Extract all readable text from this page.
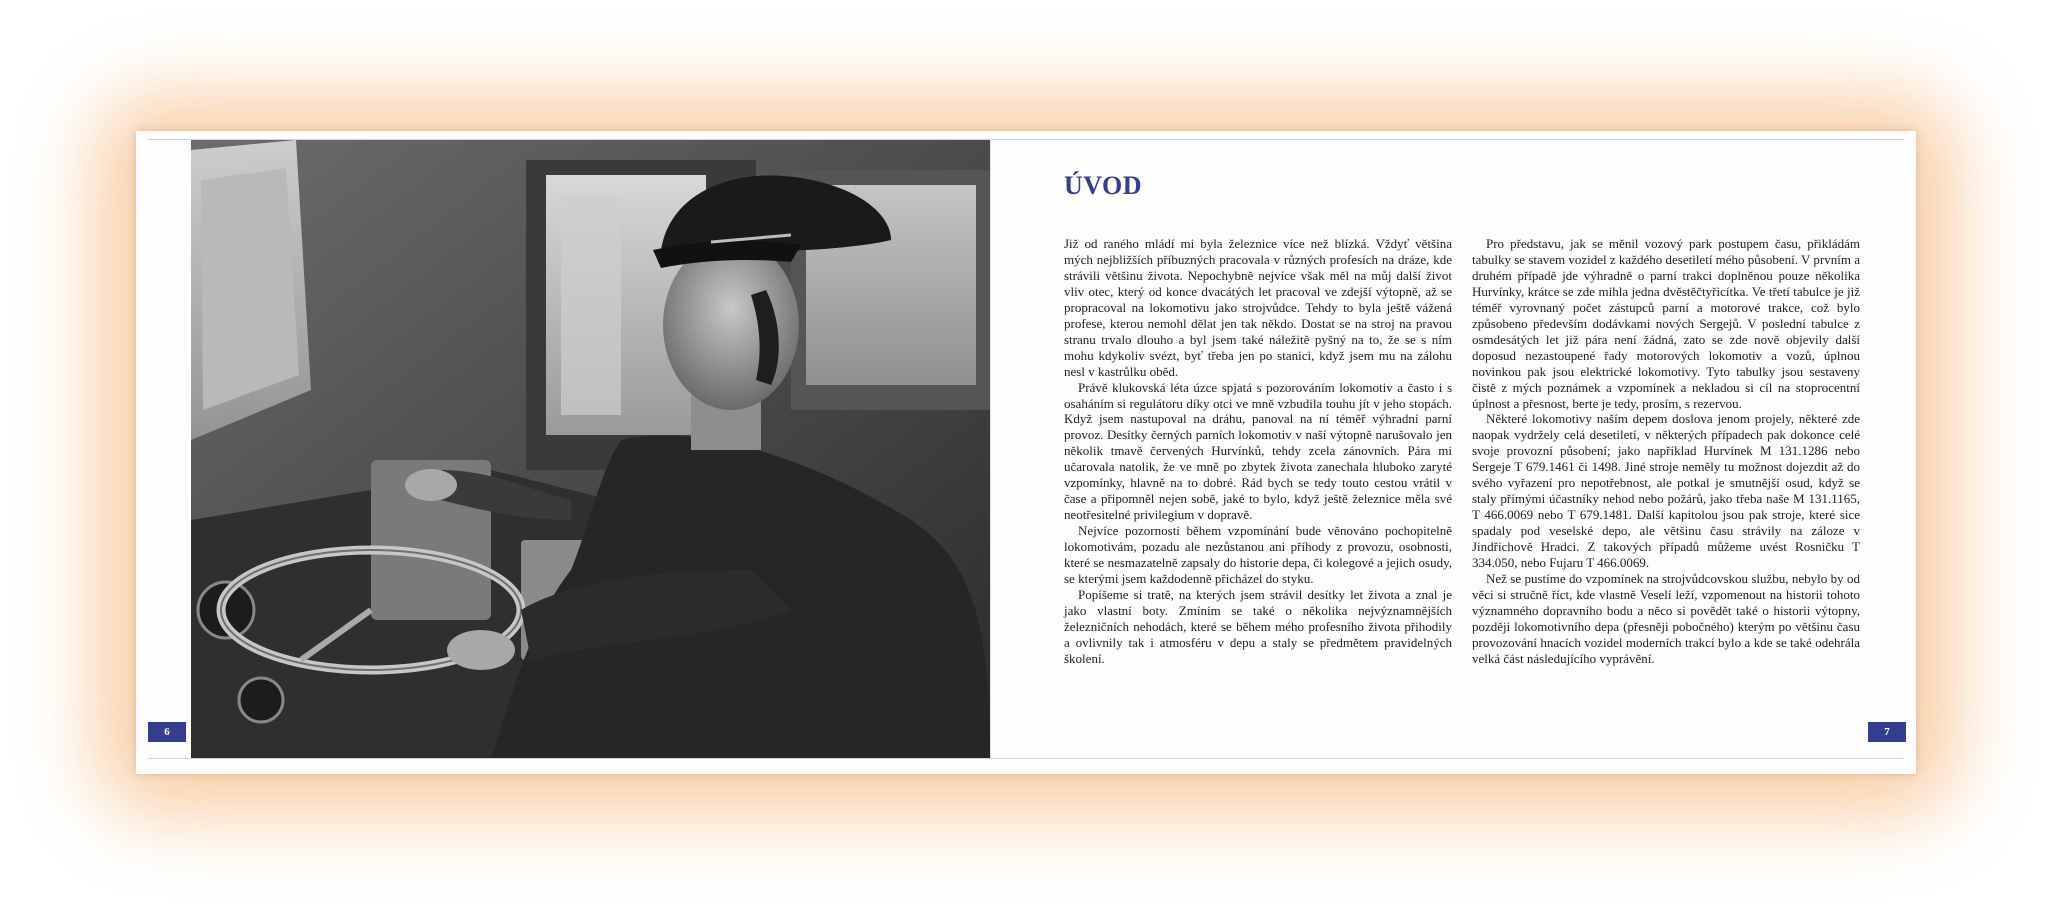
6
ÚVOD

Již od raného mládí mi byla železnice více než blízká. Vždyť většina mých nejbližších příbuzných pracovala v různých profesích na dráze, kde strávili většinu života. Nepochybně nejvíce však měl na můj další život vliv otec, který od konce dvacátých let pracoval ve zdejší výtopně, až se propracoval na lokomotivu jako strojvůdce. Tehdy to byla ještě vážená profese, kterou nemohl dělat jen tak někdo. Dostat se na stroj na pravou stranu trvalo dlouho a byl jsem také náležitě pyšný na to, že se s ním mohu kdykoliv svézt, byť třeba jen po stanici, když jsem mu na zálohu nesl v kastrůlku oběd.

Právě klukovská léta úzce spjatá s pozorováním lokomotiv a často i s osaháním si regulátoru díky otci ve mně vzbudila touhu jít v jeho stopách. Když jsem nastupoval na dráhu, panoval na ní téměř výhradní parní provoz. Desítky černých parních lokomotiv v naší výtopně narušovalo jen několik tmavě červených Hurvínků, tehdy zcela zánovních. Pára mi učarovala natolik, že ve mně po zbytek života zanechala hluboko zaryté vzpomínky, hlavně na to dobré. Rád bych se tedy touto cestou vrátil v čase a připomněl nejen sobě, jaké to bylo, když ještě železnice měla své neotřesitelné privilegium v dopravě.

Nejvíce pozornosti během vzpomínání bude věnováno pochopitelně lokomotivám, pozadu ale nezůstanou ani příhody z provozu, osobnosti, které se nesmazatelně zapsaly do historie depa, či kolegové a jejich osudy, se kterými jsem každodenně přicházel do styku.

Popíšeme si tratě, na kterých jsem strávil desítky let života a znal je jako vlastní boty. Zmíním se také o několika nejvýznamnějších železničních nehodách, které se během mého profesního života přihodily a ovlivnily tak i atmosféru v depu a staly se předmětem pravidelných školení.

Pro představu, jak se měnil vozový park postupem času, přikládám tabulky se stavem vozidel z každého desetiletí mého působení. V prvním a druhém případě jde výhradně o parní trakci doplněnou pouze několika Hurvínky, krátce se zde mihla jedna dvěstěčtyřicítka. Ve třetí tabulce je již téměř vyrovnaný počet zástupců parní a motorové trakce, což bylo způsobeno především dodávkami nových Sergejů. V poslední tabulce z osmdesátých let již pára není žádná, zato se zde nově objevily další doposud nezastoupené řady motorových lokomotiv a vozů, úplnou novinkou pak jsou elektrické lokomotivy. Tyto tabulky jsou sestaveny čistě z mých poznámek a vzpomínek a nekladou si cíl na stoprocentní úplnost a přesnost, berte je tedy, prosím, s rezervou.

Některé lokomotivy naším depem doslova jenom projely, některé zde naopak vydržely celá desetiletí, v některých případech pak dokonce celé svoje provozní působení; jako například Hurvínek M 131.1286 nebo Sergeje T 679.1461 či 1498. Jiné stroje neměly tu možnost dojezdit až do svého vyřazení pro nepotřebnost, ale potkal je smutnější osud, když se staly přímými účastníky nehod nebo požárů, jako třeba naše M 131.1165, T 466.0069 nebo T 679.1481. Další kapitolou jsou pak stroje, které sice spadaly pod veselské depo, ale většinu času strávily na záloze v Jindřichově Hradci. Z takových případů můžeme uvést Rosničku T 334.050, nebo Fujaru T 466.0069.

Než se pustíme do vzpomínek na strojvůdcovskou službu, nebylo by od věci si stručně říct, kde vlastně Veselí leží, vzpomenout na historii tohoto významného dopravního bodu a něco si povědět také o historii výtopny, později lokomotivního depa (přesněji pobočného) kterým po většinu času provozování hnacích vozidel moderních trakcí bylo a kde se také odehrála velká část následujícího vyprávění.

7
